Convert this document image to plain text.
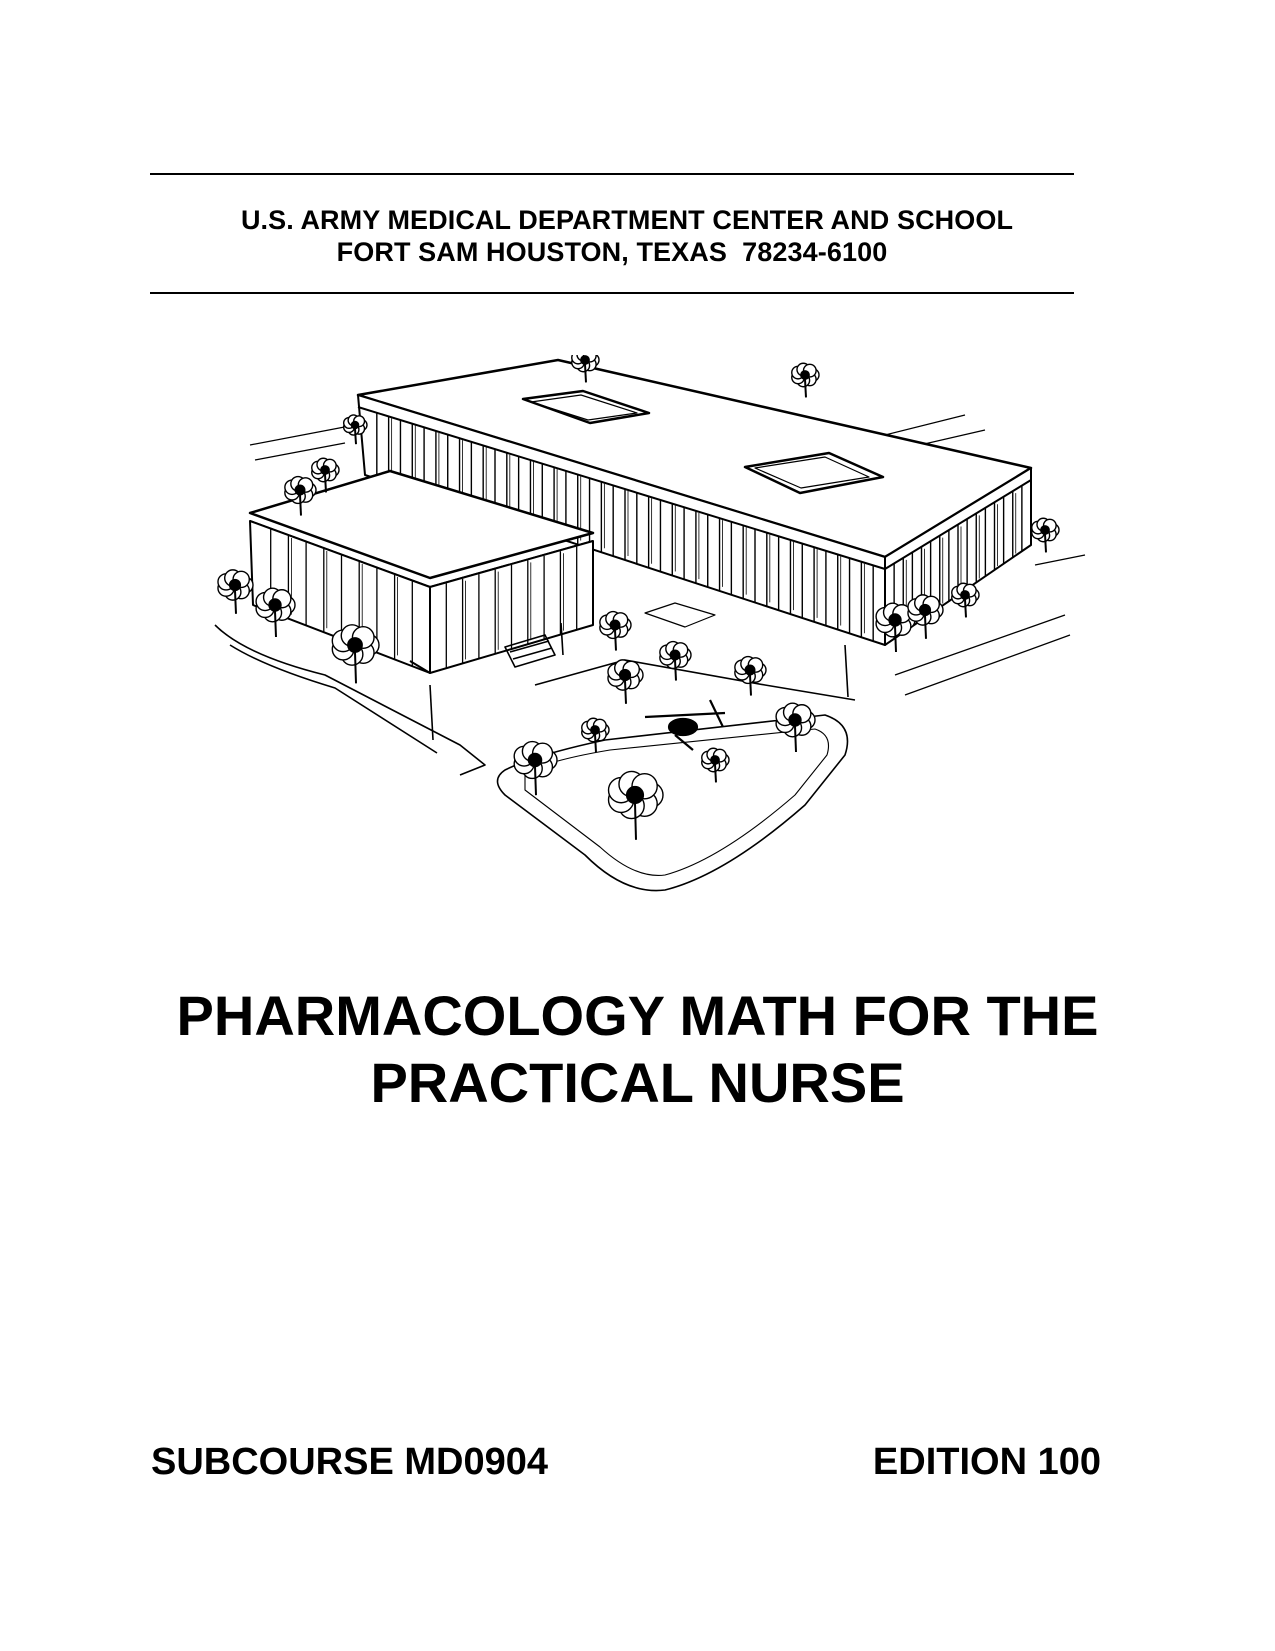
U.S. ARMY MEDICAL DEPARTMENT CENTER AND SCHOOL
FORT SAM HOUSTON, TEXAS  78234-6100
PHARMACOLOGY MATH FOR THE
PRACTICAL NURSE
SUBCOURSE MD0904	EDITION 100
